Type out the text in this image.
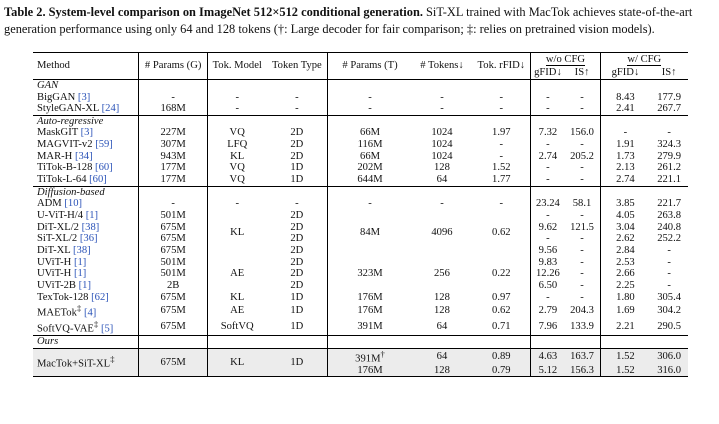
Table 2. System-level comparison on ImageNet 512×512 conditional generation. SiT-XL trained with MacTok achieves state-of-the-art generation performance using only 64 and 128 tokens (†: Large decoder for fair comparison; ‡: relies on pretrained vision models).
Method	# Params (G)	Tok. Model	Token Type	# Params (T)	# Tokens↓	Tok. rFID↓	w/o CFG		w/ CFG	
							gFID↓	IS↑	gFID↓	IS↑
GAN										
BigGAN [3]	-	-	-	-	-	-	-	-	8.43	177.9
StyleGAN-XL [24]	168M	-	-	-	-	-	-	-	2.41	267.7
Auto-regressive										
MaskGIT [3]	227M	VQ	2D	66M	1024	1.97	7.32	156.0	-	-
MAGVIT-v2 [59]	307M	LFQ	2D	116M	1024	-	-	-	1.91	324.3
MAR-H [34]	943M	KL	2D	66M	1024	-	2.74	205.2	1.73	279.9
TiTok-B-128 [60]	177M	VQ	1D	202M	128	1.52	-	-	2.13	261.2
TiTok-L-64 [60]	177M	VQ	1D	644M	64	1.77	-	-	2.74	221.1
Diffusion-based										
ADM [10]	-	-	-	-	-	-	23.24	58.1	3.85	221.7
U-ViT-H/4 [1]	501M	KL	2D	84M	4096	0.62	-	-	4.05	263.8
DiT-XL/2 [38]	675M		2D				9.62	121.5	3.04	240.8
SiT-XL/2 [36]	675M		2D				-	-	2.62	252.2
DiT-XL [38]	675M		2D				9.56	-	2.84	-
UViT-H [1]	501M	AE	2D	323M	256	0.22	9.83	-	2.53	-
UViT-H [1]	501M		2D				12.26	-	2.66	-
UViT-2B [1]	2B		2D				6.50	-	2.25	-
TexTok-128 [62]	675M	KL	1D	176M	128	0.97	-	-	1.80	305.4
MAETok‡ [4]	675M	AE	1D	176M	128	0.62	2.79	204.3	1.69	304.2
SoftVQ-VAE‡ [5]	675M	SoftVQ	1D	391M	64	0.71	7.96	133.9	2.21	290.5
Ours										
MacTok+SiT-XL‡	675M	KL	1D	391M†	64	0.89	4.63	163.7	1.52	306.0
				176M	128	0.79	5.12	156.3	1.52	316.0
